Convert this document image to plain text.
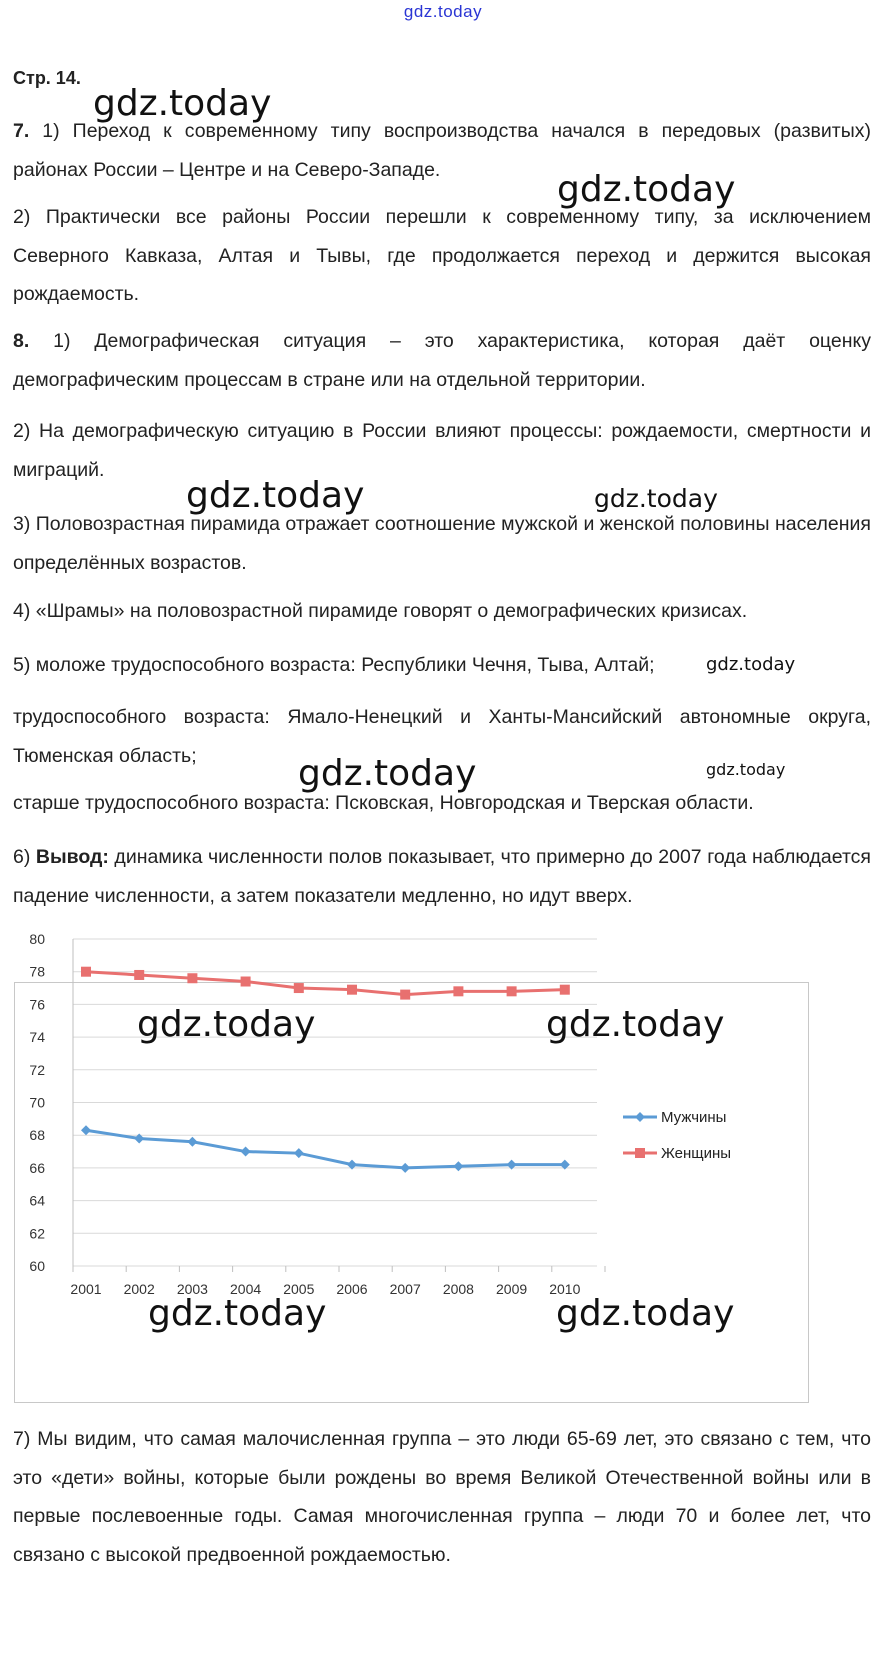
gdz.today
Стр. 14.
7. 1) Переход к современному типу воспроизводства начался в передовых (развитых) районах России – Центре и на Северо-Западе.
2) Практически все районы России перешли к современному типу, за исключением Северного Кавказа, Алтая и Тывы, где продолжается переход и держится высокая рождаемость.
8. 1) Демографическая ситуация – это характеристика, которая даёт оценку демографическим процессам в стране или на отдельной территории.
2) На демографическую ситуацию в России влияют процессы: рождаемости, смертности и миграций.
3) Половозрастная пирамида отражает соотношение мужской и женской половины населения определённых возрастов.
4) «Шрамы» на половозрастной пирамиде говорят о демографических кризисах.
5) моложе трудоспособного возраста: Республики Чечня, Тыва, Алтай;
трудоспособного возраста: Ямало-Ненецкий и Ханты-Мансийский автономные округа, Тюменская область;
старше трудоспособного возраста: Псковская, Новгородская и Тверская области.
6) Вывод: динамика численности полов показывает, что примерно до 2007 года наблюдается падение численности, а затем показатели медленно, но идут вверх.
60
62
64
66
68
70
72
74
76
78
80
2001 2002 2003 2004 2005 2006 2007 2008 2009 2010
Мужчины
Женщины
7) Мы видим, что самая малочисленная группа – это люди 65-69 лет, это связано с тем, что это «дети» войны, которые были рождены во время Великой Отечественной войны или в первые послевоенные годы. Самая многочисленная группа – люди 70 и более лет, что связано с высокой предвоенной рождаемостью.
gdz.today
gdz.today
gdz.today	gdz.today
gdz.today
gdz.today	gdz.today
gdz.today	gdz.today
gdz.today	gdz.today
